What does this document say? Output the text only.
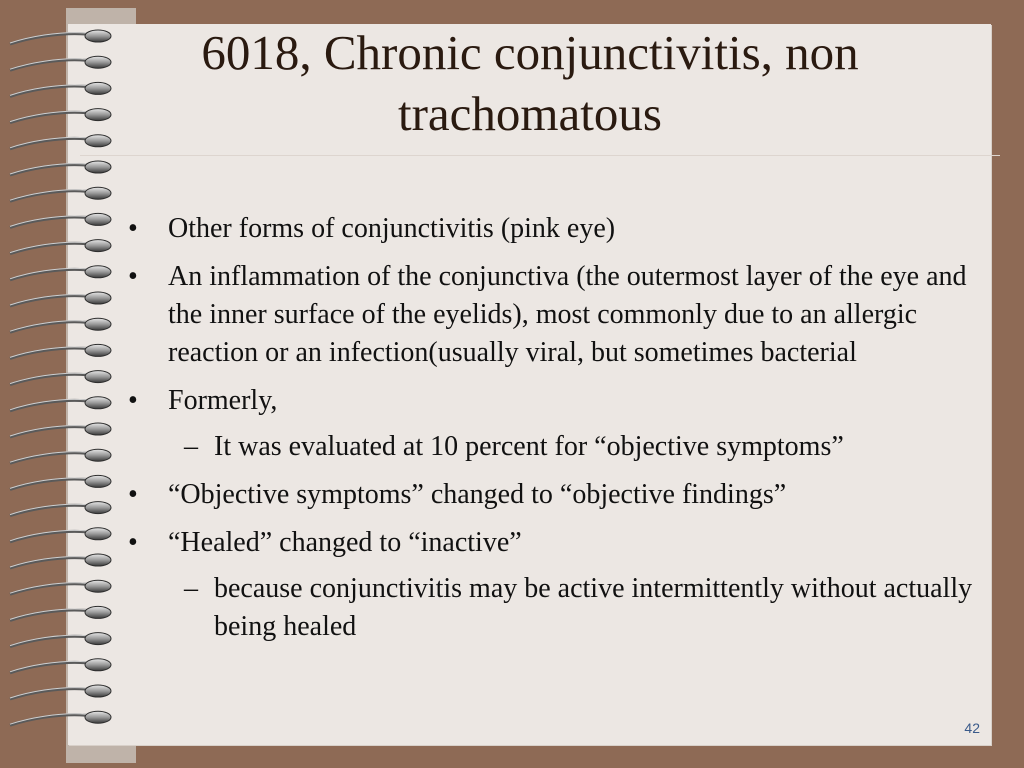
6018, Chronic conjunctivitis, non trachomatous
• Other forms of conjunctivitis (pink eye)
• An inflammation of the conjunctiva (the outermost layer of the eye and the inner surface of the eyelids), most commonly due to an allergic reaction or an infection(usually viral, but sometimes bacterial
• Formerly,
– It was evaluated at 10 percent for “objective symptoms”
• “Objective symptoms” changed to “objective findings”
• “Healed” changed to “inactive”
– because conjunctivitis may be active intermittently without actually being healed
42
